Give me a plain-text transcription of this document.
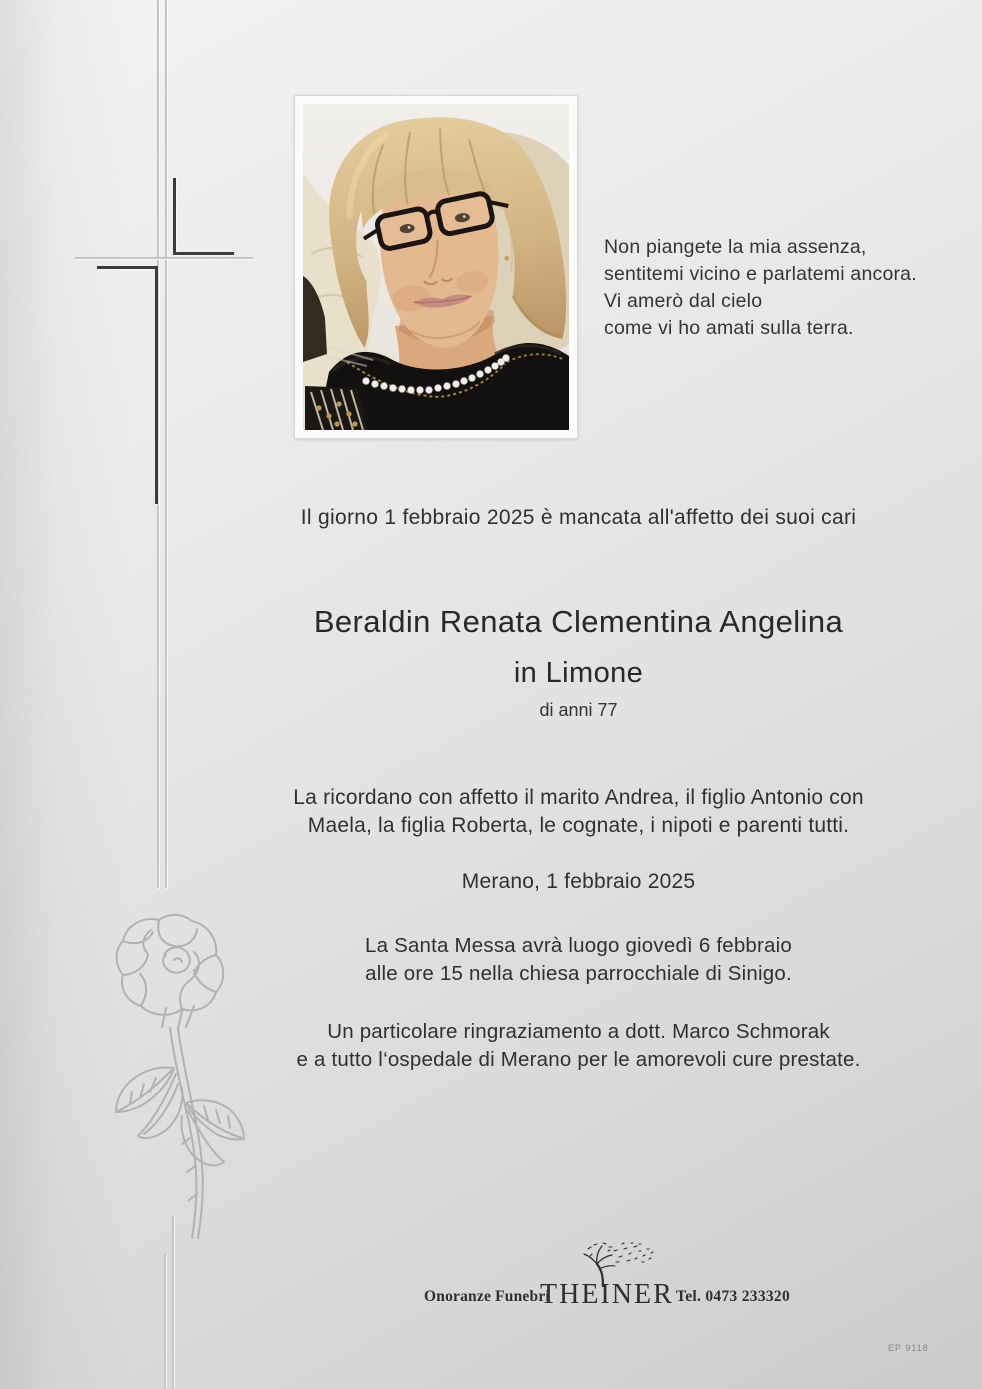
Non piangete la mia assenza,
sentitemi vicino e parlatemi ancora.
Vi amerò dal cielo
come vi ho amati sulla terra.
Il giorno 1 febbraio 2025 è mancata all'affetto dei suoi cari
Beraldin Renata Clementina Angelina
in Limone
di anni 77
La ricordano con affetto il marito Andrea, il figlio Antonio con
Maela, la figlia Roberta, le cognate, i nipoti e parenti tutti.
Merano, 1 febbraio 2025
La Santa Messa avrà luogo giovedì 6 febbraio
alle ore 15 nella chiesa parrocchiale di Sinigo.
Un particolare ringraziamento a dott. Marco Schmorak
e a tutto l‘ospedale di Merano per le amorevoli cure prestate.
Onoranze Funebri
THEINER Tel. 0473 233320
EP 9118
